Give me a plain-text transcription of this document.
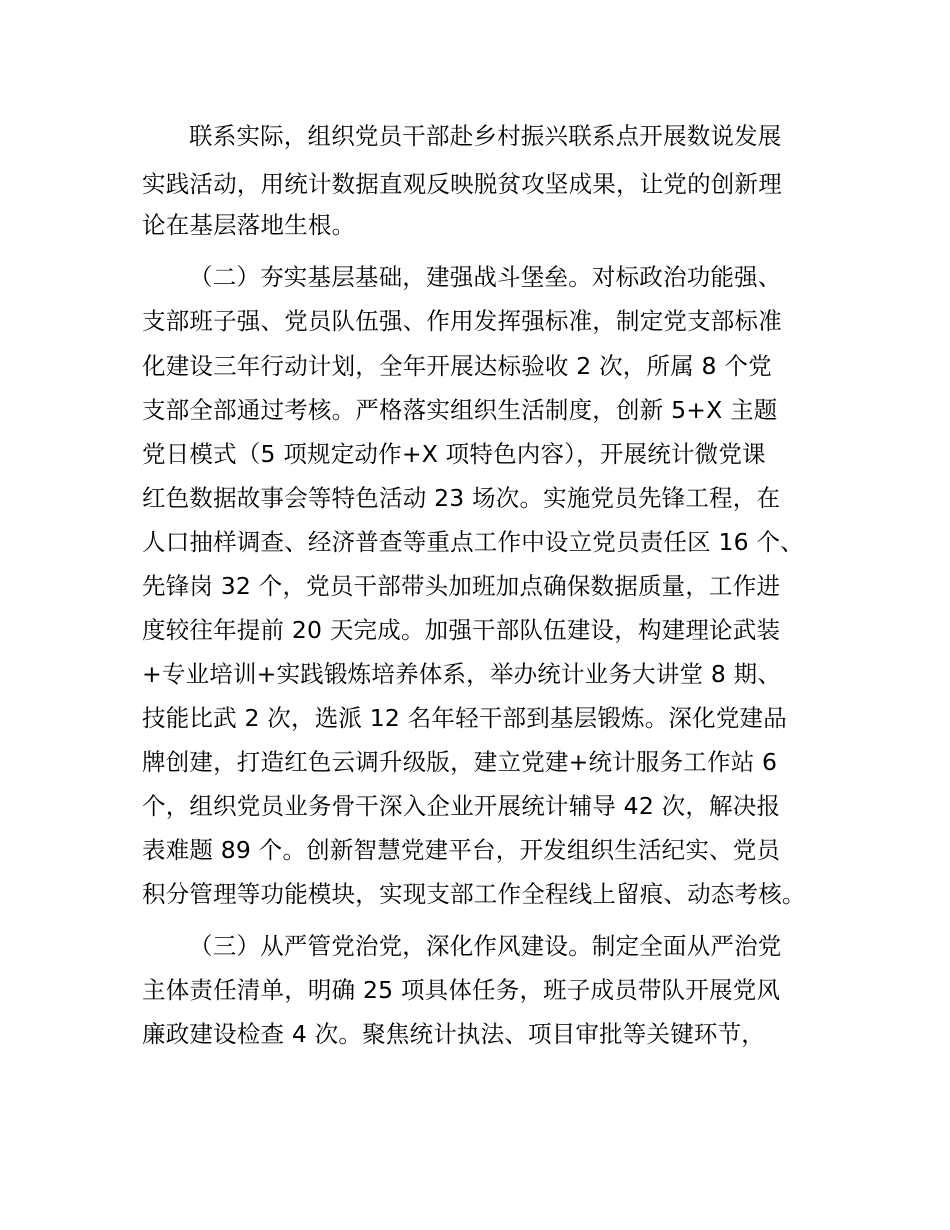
联系实际，组织党员干部赴乡村振兴联系点开展数说发展
实践活动，用统计数据直观反映脱贫攻坚成果，让党的创新理
论在基层落地生根。
（二）夯实基层基础，建强战斗堡垒。对标政治功能强、
支部班子强、党员队伍强、作用发挥强标准，制定党支部标准
化建设三年行动计划，全年开展达标验收 2 次，所属 8 个党
支部全部通过考核。严格落实组织生活制度，创新 5+X 主题
党日模式（5 项规定动作+X 项特色内容），开展统计微党课
红色数据故事会等特色活动 23 场次。实施党员先锋工程，在
人口抽样调查、经济普查等重点工作中设立党员责任区 16 个、
先锋岗 32 个，党员干部带头加班加点确保数据质量，工作进
度较往年提前 20 天完成。加强干部队伍建设，构建理论武装
+专业培训+实践锻炼培养体系，举办统计业务大讲堂 8 期、
技能比武 2 次，选派 12 名年轻干部到基层锻炼。深化党建品
牌创建，打造红色云调升级版，建立党建+统计服务工作站 6
个，组织党员业务骨干深入企业开展统计辅导 42 次，解决报
表难题 89 个。创新智慧党建平台，开发组织生活纪实、党员
积分管理等功能模块，实现支部工作全程线上留痕、动态考核。
（三）从严管党治党，深化作风建设。制定全面从严治党
主体责任清单，明确 25 项具体任务，班子成员带队开展党风
廉政建设检查 4 次。聚焦统计执法、项目审批等关键环节，
